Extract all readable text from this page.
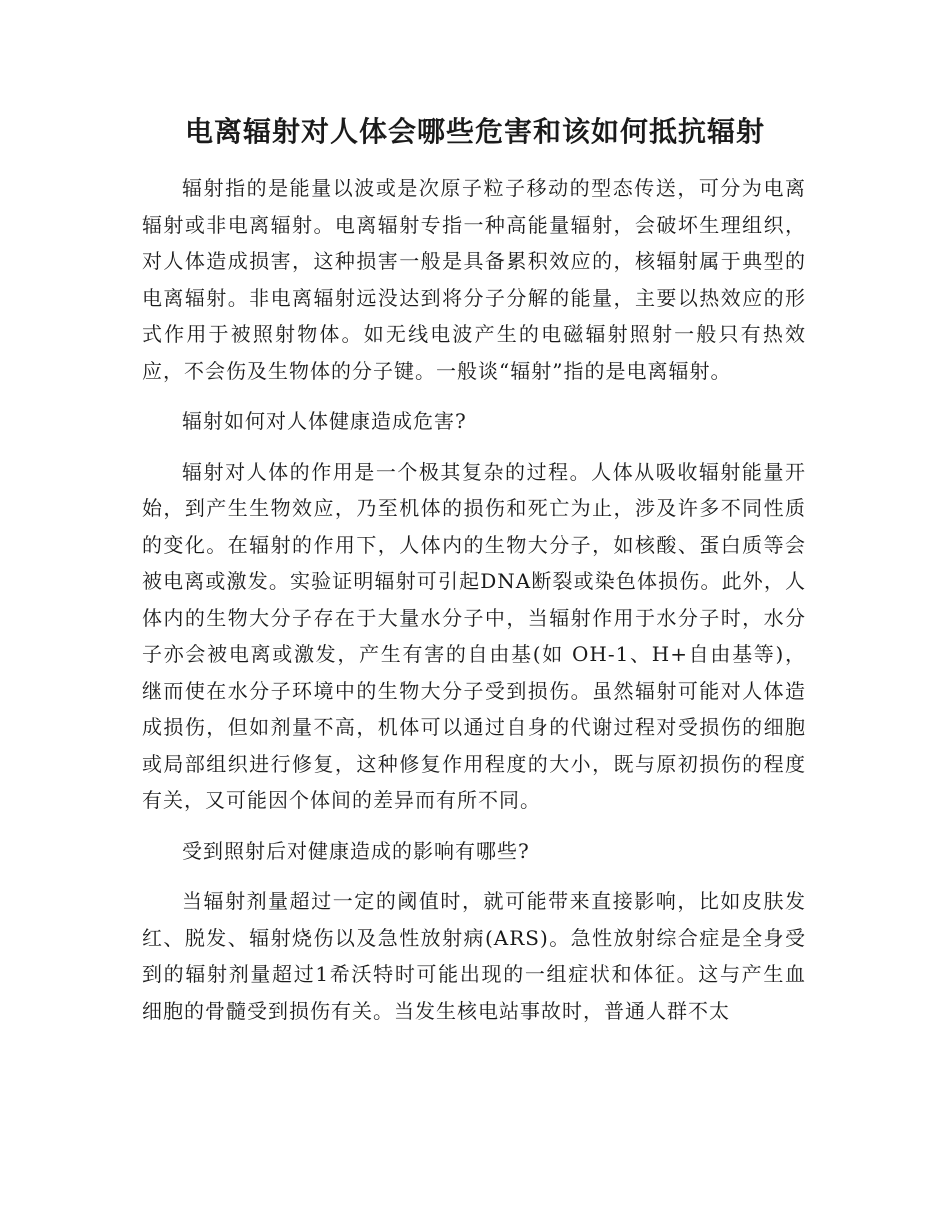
电离辐射对人体会哪些危害和该如何抵抗辐射

辐射指的是能量以波或是次原子粒子移动的型态传送，可分为电离辐射或非电离辐射。电离辐射专指一种高能量辐射，会破坏生理组织，对人体造成损害，这种损害一般是具备累积效应的，核辐射属于典型的电离辐射。非电离辐射远没达到将分子分解的能量，主要以热效应的形式作用于被照射物体。如无线电波产生的电磁辐射照射一般只有热效应，不会伤及生物体的分子键。一般谈“辐射”指的是电离辐射。

辐射如何对人体健康造成危害?

辐射对人体的作用是一个极其复杂的过程。人体从吸收辐射能量开始，到产生生物效应，乃至机体的损伤和死亡为止，涉及许多不同性质的变化。在辐射的作用下，人体内的生物大分子，如核酸、蛋白质等会被电离或激发。实验证明辐射可引起DNA断裂或染色体损伤。此外，人体内的生物大分子存在于大量水分子中，当辐射作用于水分子时，水分子亦会被电离或激发，产生有害的自由基(如 OH-1、H+自由基等)，继而使在水分子环境中的生物大分子受到损伤。虽然辐射可能对人体造成损伤，但如剂量不高，机体可以通过自身的代谢过程对受损伤的细胞或局部组织进行修复，这种修复作用程度的大小，既与原初损伤的程度有关，又可能因个体间的差异而有所不同。

受到照射后对健康造成的影响有哪些?

当辐射剂量超过一定的阈值时，就可能带来直接影响，比如皮肤发红、脱发、辐射烧伤以及急性放射病(ARS)。急性放射综合症是全身受到的辐射剂量超过1希沃特时可能出现的一组症状和体征。这与产生血细胞的骨髓受到损伤有关。当发生核电站事故时，普通人群不太
